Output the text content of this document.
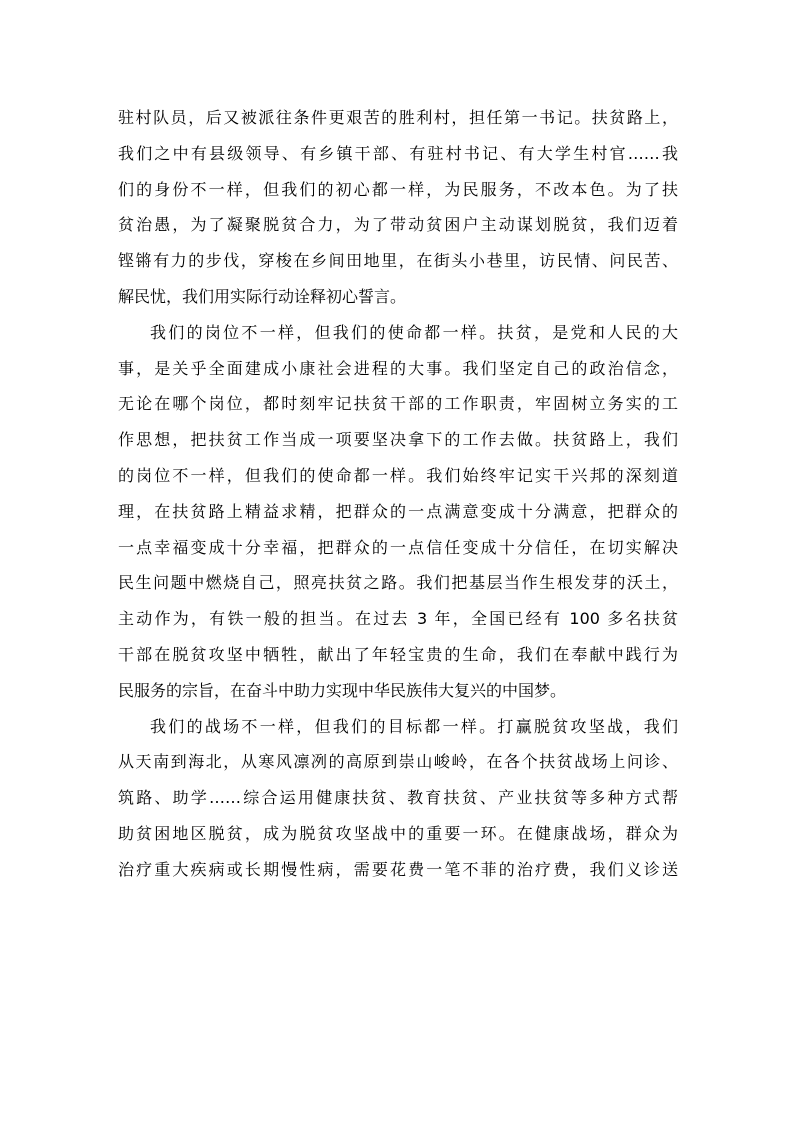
驻村队员，后又被派往条件更艰苦的胜利村，担任第一书记。扶贫路上，
我们之中有县级领导、有乡镇干部、有驻村书记、有大学生村官……我
们的身份不一样，但我们的初心都一样，为民服务，不改本色。为了扶
贫治愚，为了凝聚脱贫合力，为了带动贫困户主动谋划脱贫，我们迈着
铿锵有力的步伐，穿梭在乡间田地里，在街头小巷里，访民情、问民苦、
解民忧，我们用实际行动诠释初心誓言。
我们的岗位不一样，但我们的使命都一样。扶贫，是党和人民的大
事，是关乎全面建成小康社会进程的大事。我们坚定自己的政治信念，
无论在哪个岗位，都时刻牢记扶贫干部的工作职责，牢固树立务实的工
作思想，把扶贫工作当成一项要坚决拿下的工作去做。扶贫路上，我们
的岗位不一样，但我们的使命都一样。我们始终牢记实干兴邦的深刻道
理，在扶贫路上精益求精，把群众的一点满意变成十分满意，把群众的
一点幸福变成十分幸福，把群众的一点信任变成十分信任，在切实解决
民生问题中燃烧自己，照亮扶贫之路。我们把基层当作生根发芽的沃土，
主动作为，有铁一般的担当。在过去 3 年，全国已经有 100 多名扶贫
干部在脱贫攻坚中牺牲，献出了年轻宝贵的生命，我们在奉献中践行为
民服务的宗旨，在奋斗中助力实现中华民族伟大复兴的中国梦。
我们的战场不一样，但我们的目标都一样。打赢脱贫攻坚战，我们
从天南到海北，从寒风凛冽的高原到崇山峻岭，在各个扶贫战场上问诊、
筑路、助学……综合运用健康扶贫、教育扶贫、产业扶贫等多种方式帮
助贫困地区脱贫，成为脱贫攻坚战中的重要一环。在健康战场，群众为
治疗重大疾病或长期慢性病，需要花费一笔不菲的治疗费，我们义诊送
